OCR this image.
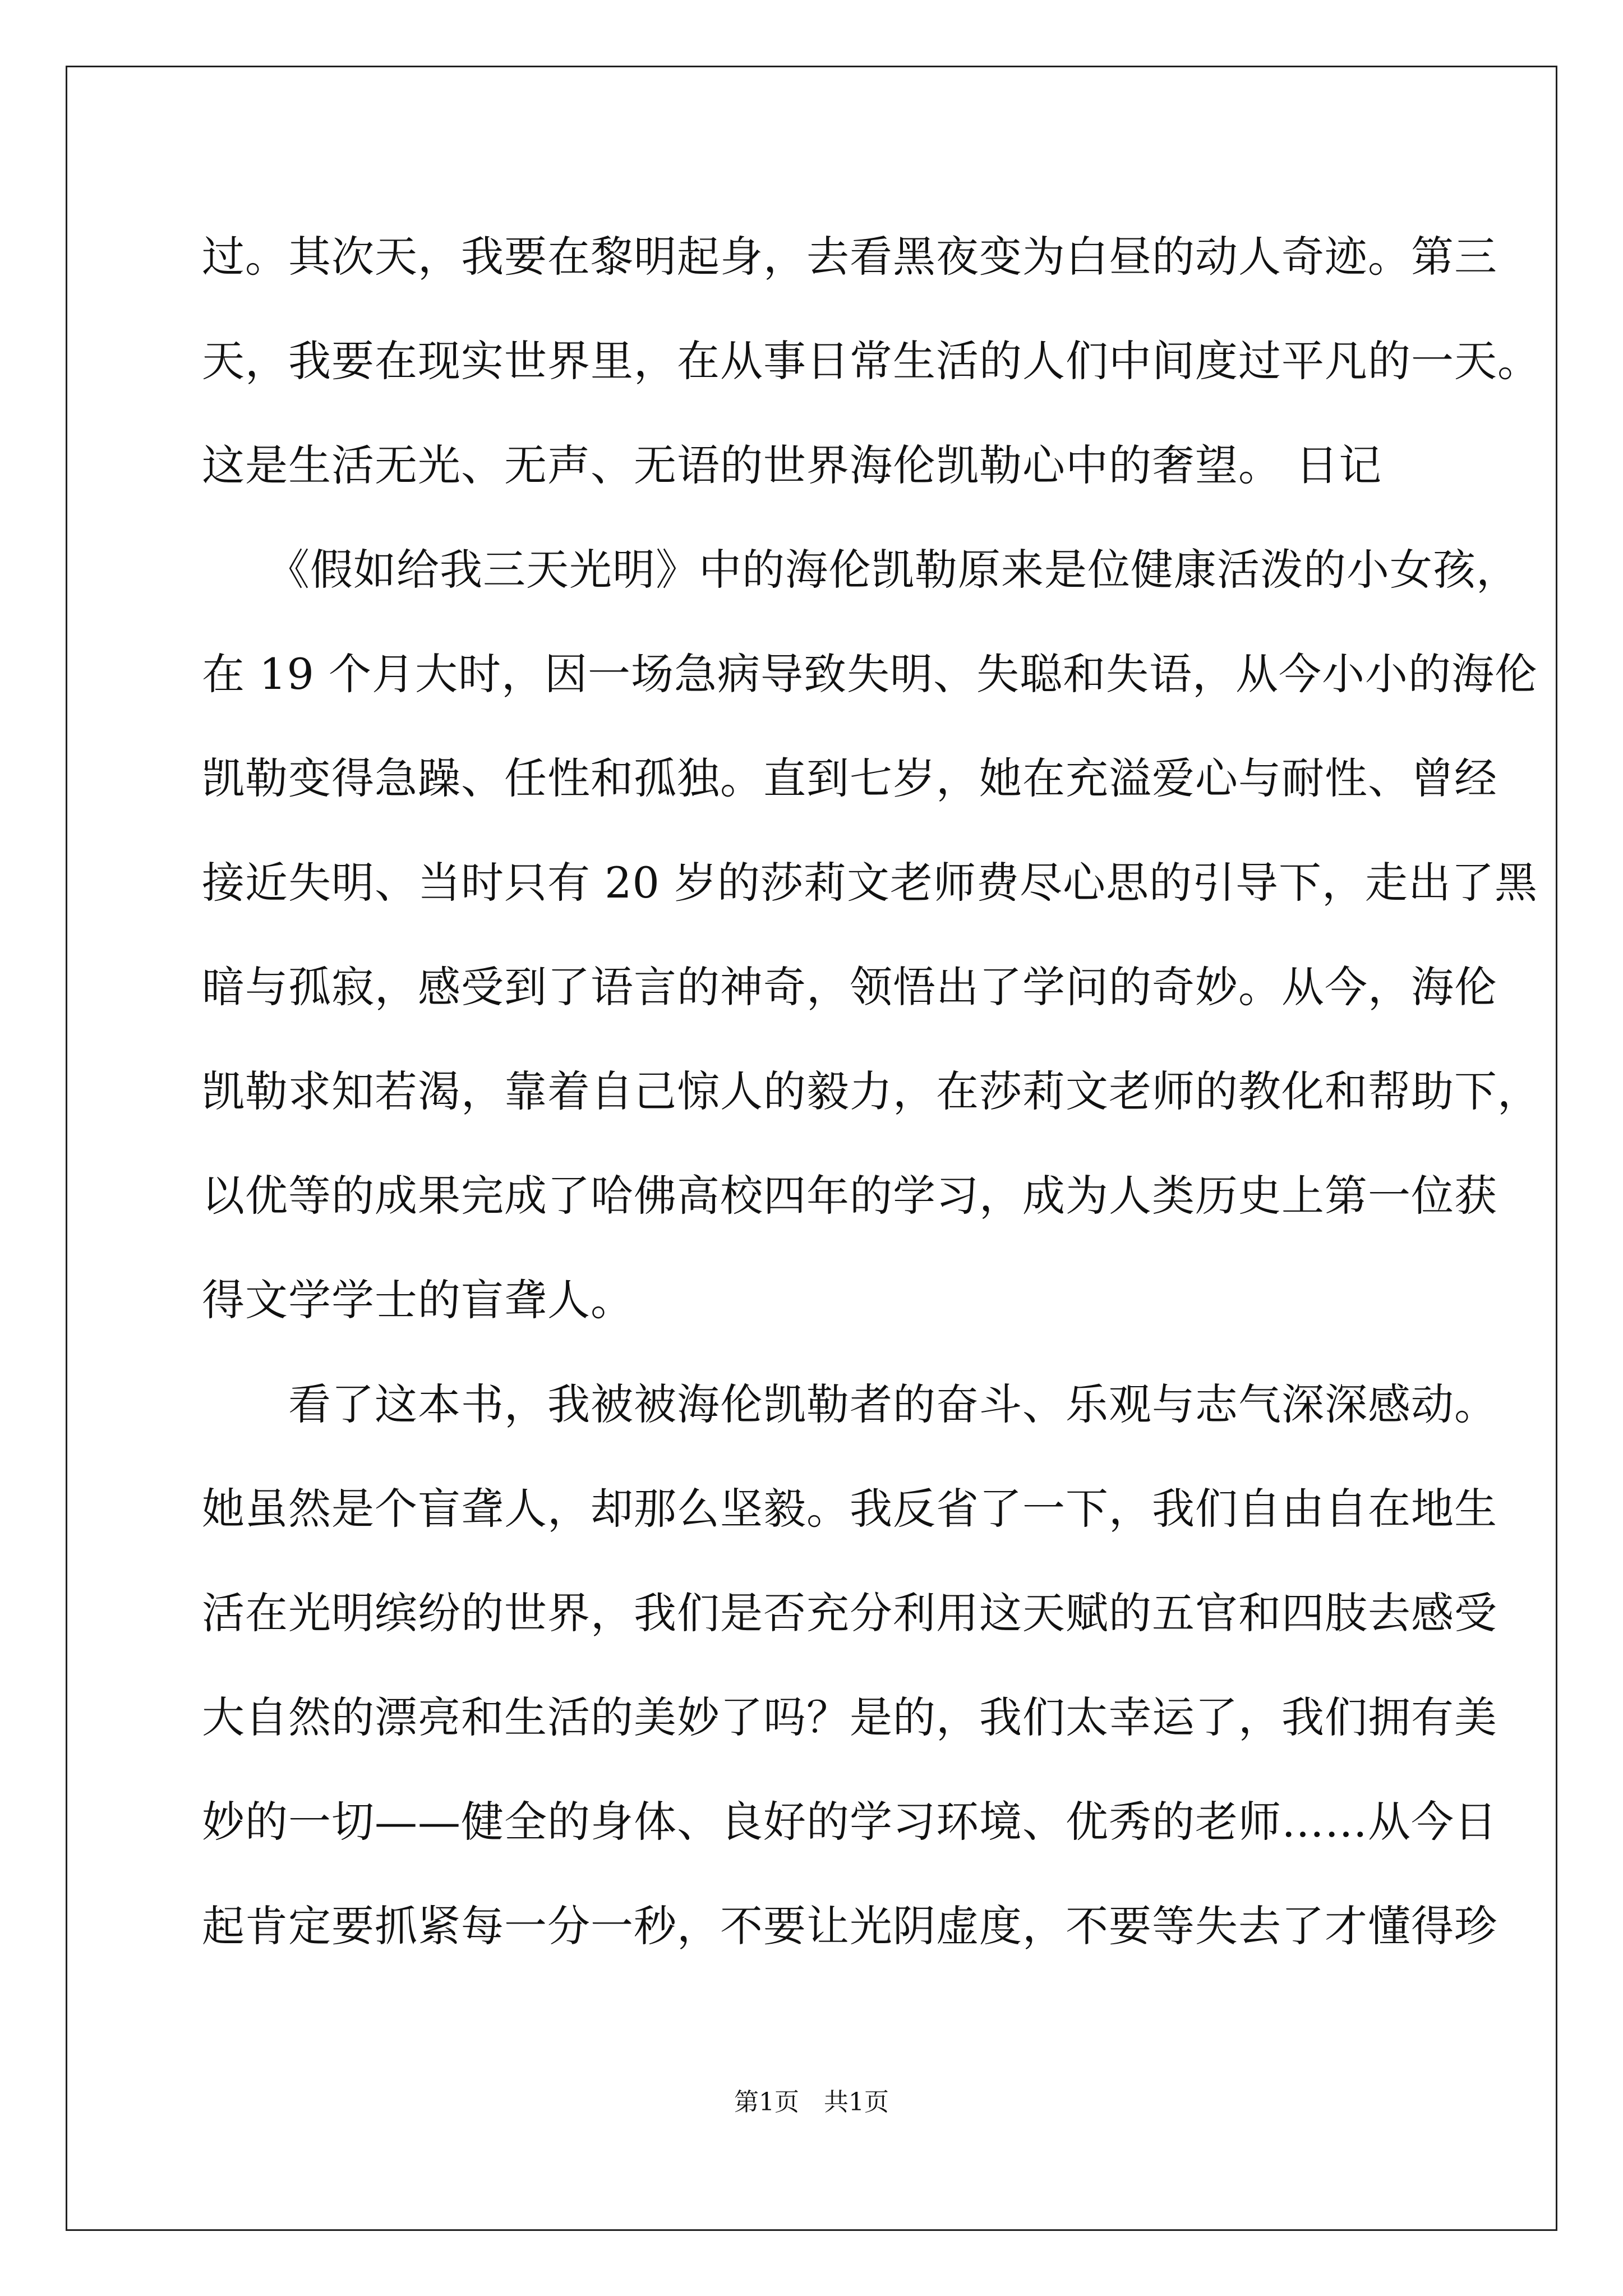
过。其次天，我要在黎明起身，去看黑夜变为白昼的动人奇迹。第三
天，我要在现实世界里，在从事日常生活的人们中间度过平凡的一天。
这是生活无光、无声、无语的世界海伦凯勒心中的奢望。 日记
　　《假如给我三天光明》中的海伦凯勒原来是位健康活泼的小女孩，
在 19 个月大时，因一场急病导致失明、失聪和失语，从今小小的海伦
凯勒变得急躁、任性和孤独。直到七岁，她在充溢爱心与耐性、曾经
接近失明、当时只有 20 岁的莎莉文老师费尽心思的引导下，走出了黑
暗与孤寂，感受到了语言的神奇，领悟出了学问的奇妙。从今，海伦
凯勒求知若渴，靠着自己惊人的毅力，在莎莉文老师的教化和帮助下，
以优等的成果完成了哈佛高校四年的学习，成为人类历史上第一位获
得文学学士的盲聋人。
　　看了这本书，我被被海伦凯勒者的奋斗、乐观与志气深深感动。
她虽然是个盲聋人，却那么坚毅。我反省了一下，我们自由自在地生
活在光明缤纷的世界，我们是否充分利用这天赋的五官和四肢去感受
大自然的漂亮和生活的美妙了吗？是的，我们太幸运了，我们拥有美
妙的一切——健全的身体、良好的学习环境、优秀的老师……从今日
起肯定要抓紧每一分一秒，不要让光阴虚度，不要等失去了才懂得珍
第1页　共1页
